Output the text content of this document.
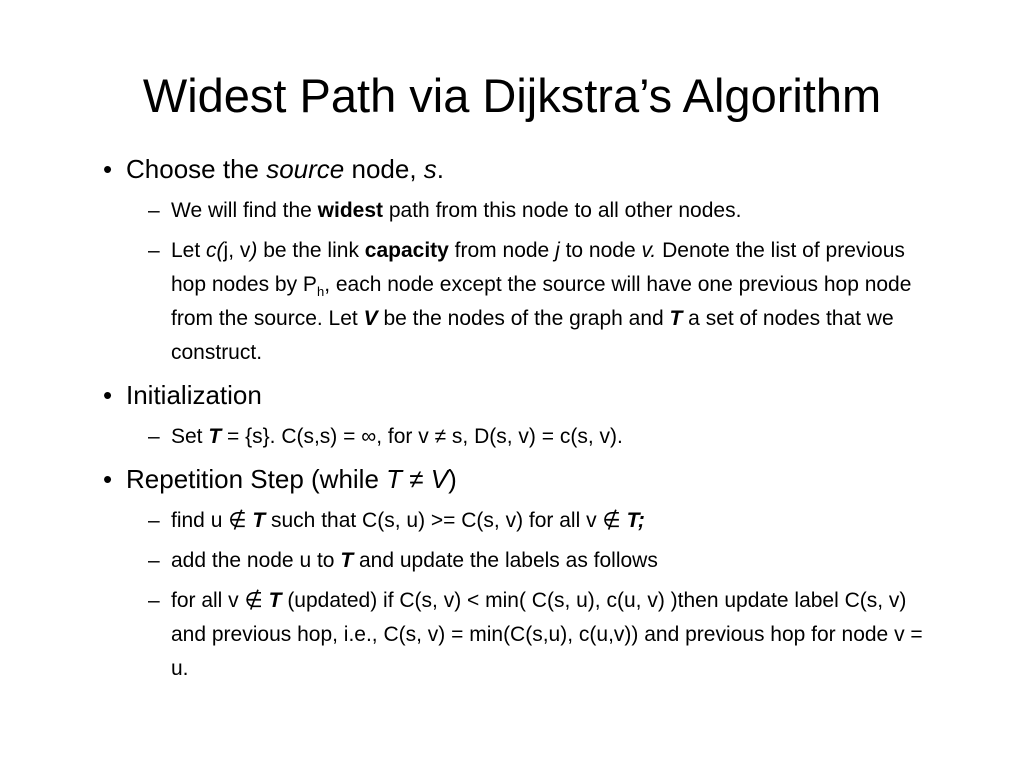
Widest Path via Dijkstra’s Algorithm
• Choose the source node, s.
– We will find the widest path from this node to all other nodes.
– Let c(j, v) be the link capacity from node j to node v. Denote the list of previous hop nodes by $P_h$, each node except the source will have one previous hop node from the source. Let V be the nodes of the graph and T a set of nodes that we construct.
• Initialization
– Set T = {s}. C(s,s) = ∞, for v ≠ s, D(s, v) = c(s, v).
• Repetition Step (while T ≠ V)
– find u ∉ T such that C(s, u) >= C(s, v) for all v ∉ T;
– add the node u to T and update the labels as follows
– for all v ∉ T (updated) if C(s, v) < min( C(s, u), c(u, v) )then update label C(s, v) and previous hop, i.e., C(s, v) = min(C(s,u), c(u,v)) and previous hop for node v = u.
